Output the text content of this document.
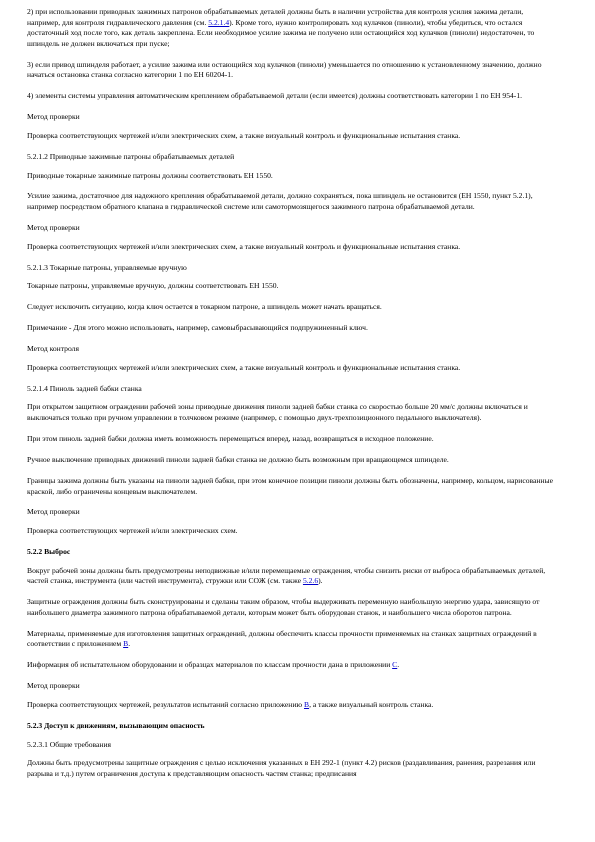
2) при использовании приводных зажимных патронов обрабатываемых деталей должны быть в наличии устройства для контроля усилия зажима детали, например, для контроля гидравлического давления (см. 5.2.1.4). Кроме того, нужно контролировать ход кулачков (пиноли), чтобы убедиться, что остался достаточный ход после того, как деталь закреплена. Если необходимое усилие зажима не получено или остающийся ход кулачков (пиноли) недостаточен, то шпиндель не должен включаться при пуске;

3) если привод шпинделя работает, а усилие зажима или остающийся ход кулачков (пиноли) уменьшается по отношению к установленному значению, должно начаться остановка станка согласно категории 1 по ЕН 60204-1.

4) элементы системы управления автоматическим креплением обрабатываемой детали (если имеется) должны соответствовать категории 1 по ЕН 954-1.

Метод проверки

Проверка соответствующих чертежей и/или электрических схем, а также визуальный контроль и функциональные испытания станка.

5.2.1.2 Приводные зажимные патроны обрабатываемых деталей

Приводные токарные зажимные патроны должны соответствовать ЕН 1550.

Усилие зажима, достаточное для надежного крепления обрабатываемой детали, должно сохраняться, пока шпиндель не остановится (ЕН 1550, пункт 5.2.1), например посредством обратного клапана в гидравлической системе или самотормозящегося зажимного патрона обрабатываемой детали.

Метод проверки

Проверка соответствующих чертежей и/или электрических схем, а также визуальный контроль и функциональные испытания станка.

5.2.1.3 Токарные патроны, управляемые вручную

Токарные патроны, управляемые вручную, должны соответствовать ЕН 1550.

Следует исключить ситуацию, когда ключ остается в токарном патроне, а шпиндель может начать вращаться.

Примечание - Для этого можно использовать, например, самовыбрасывающийся подпружиненный ключ.

Метод контроля

Проверка соответствующих чертежей и/или электрических схем, а также визуальный контроль и функциональные испытания станка.

5.2.1.4 Пиноль задней бабки станка

При открытом защитном ограждении рабочей зоны приводные движения пиноли задней бабки станка со скоростью больше 20 мм/с должны включаться и выключаться только при ручном управлении в толчковом режиме (например, с помощью двух-трехпозиционного педального выключателя).

При этом пиноль задней бабки должна иметь возможность перемещаться вперед, назад, возвращаться в исходное положение.

Ручное выключение приводных движений пиноли задней бабки станка не должно быть возможным при вращающемся шпинделе.

Границы зажима должны быть указаны на пиноли задней бабки, при этом конечное позиции пиноли должны быть обозначены, например, кольцом, нарисованные краской, либо ограничены концевым выключателем.

Метод проверки

Проверка соответствующих чертежей и/или электрических схем.

5.2.2 Выброс

Вокруг рабочей зоны должны быть предусмотрены неподвижные и/или перемещаемые ограждения, чтобы снизить риски от выброса обрабатываемых деталей, частей станка, инструмента (или частей инструмента), стружки или СОЖ (см. также 5.2.6).

Защитные ограждения должны быть сконструированы и сделаны таким образом, чтобы выдерживать переменную наибольшую энергию удара, зависящую от наибольшего диаметра зажимного патрона обрабатываемой детали, которым может быть оборудован станок, и наибольшего числа оборотов патрона.

Материалы, применяемые для изготовления защитных ограждений, должны обеспечить классы прочности применяемых на станках защитных ограждений в соответствии с приложением В.

Информация об испытательном оборудовании и образцах материалов по классам прочности дана в приложении С.

Метод проверки

Проверка соответствующих чертежей, результатов испытаний согласно приложению В, а также визуальный контроль станка.

5.2.3 Доступ к движениям, вызывающим опасность

5.2.3.1 Общие требования

Должны быть предусмотрены защитные ограждения с целью исключения указанных в ЕН 292-1 (пункт 4.2) рисков (раздавливания, ранения, разрезания или разрыва и т.д.) путем ограничения доступа к представляющим опасность частям станка; предписания
